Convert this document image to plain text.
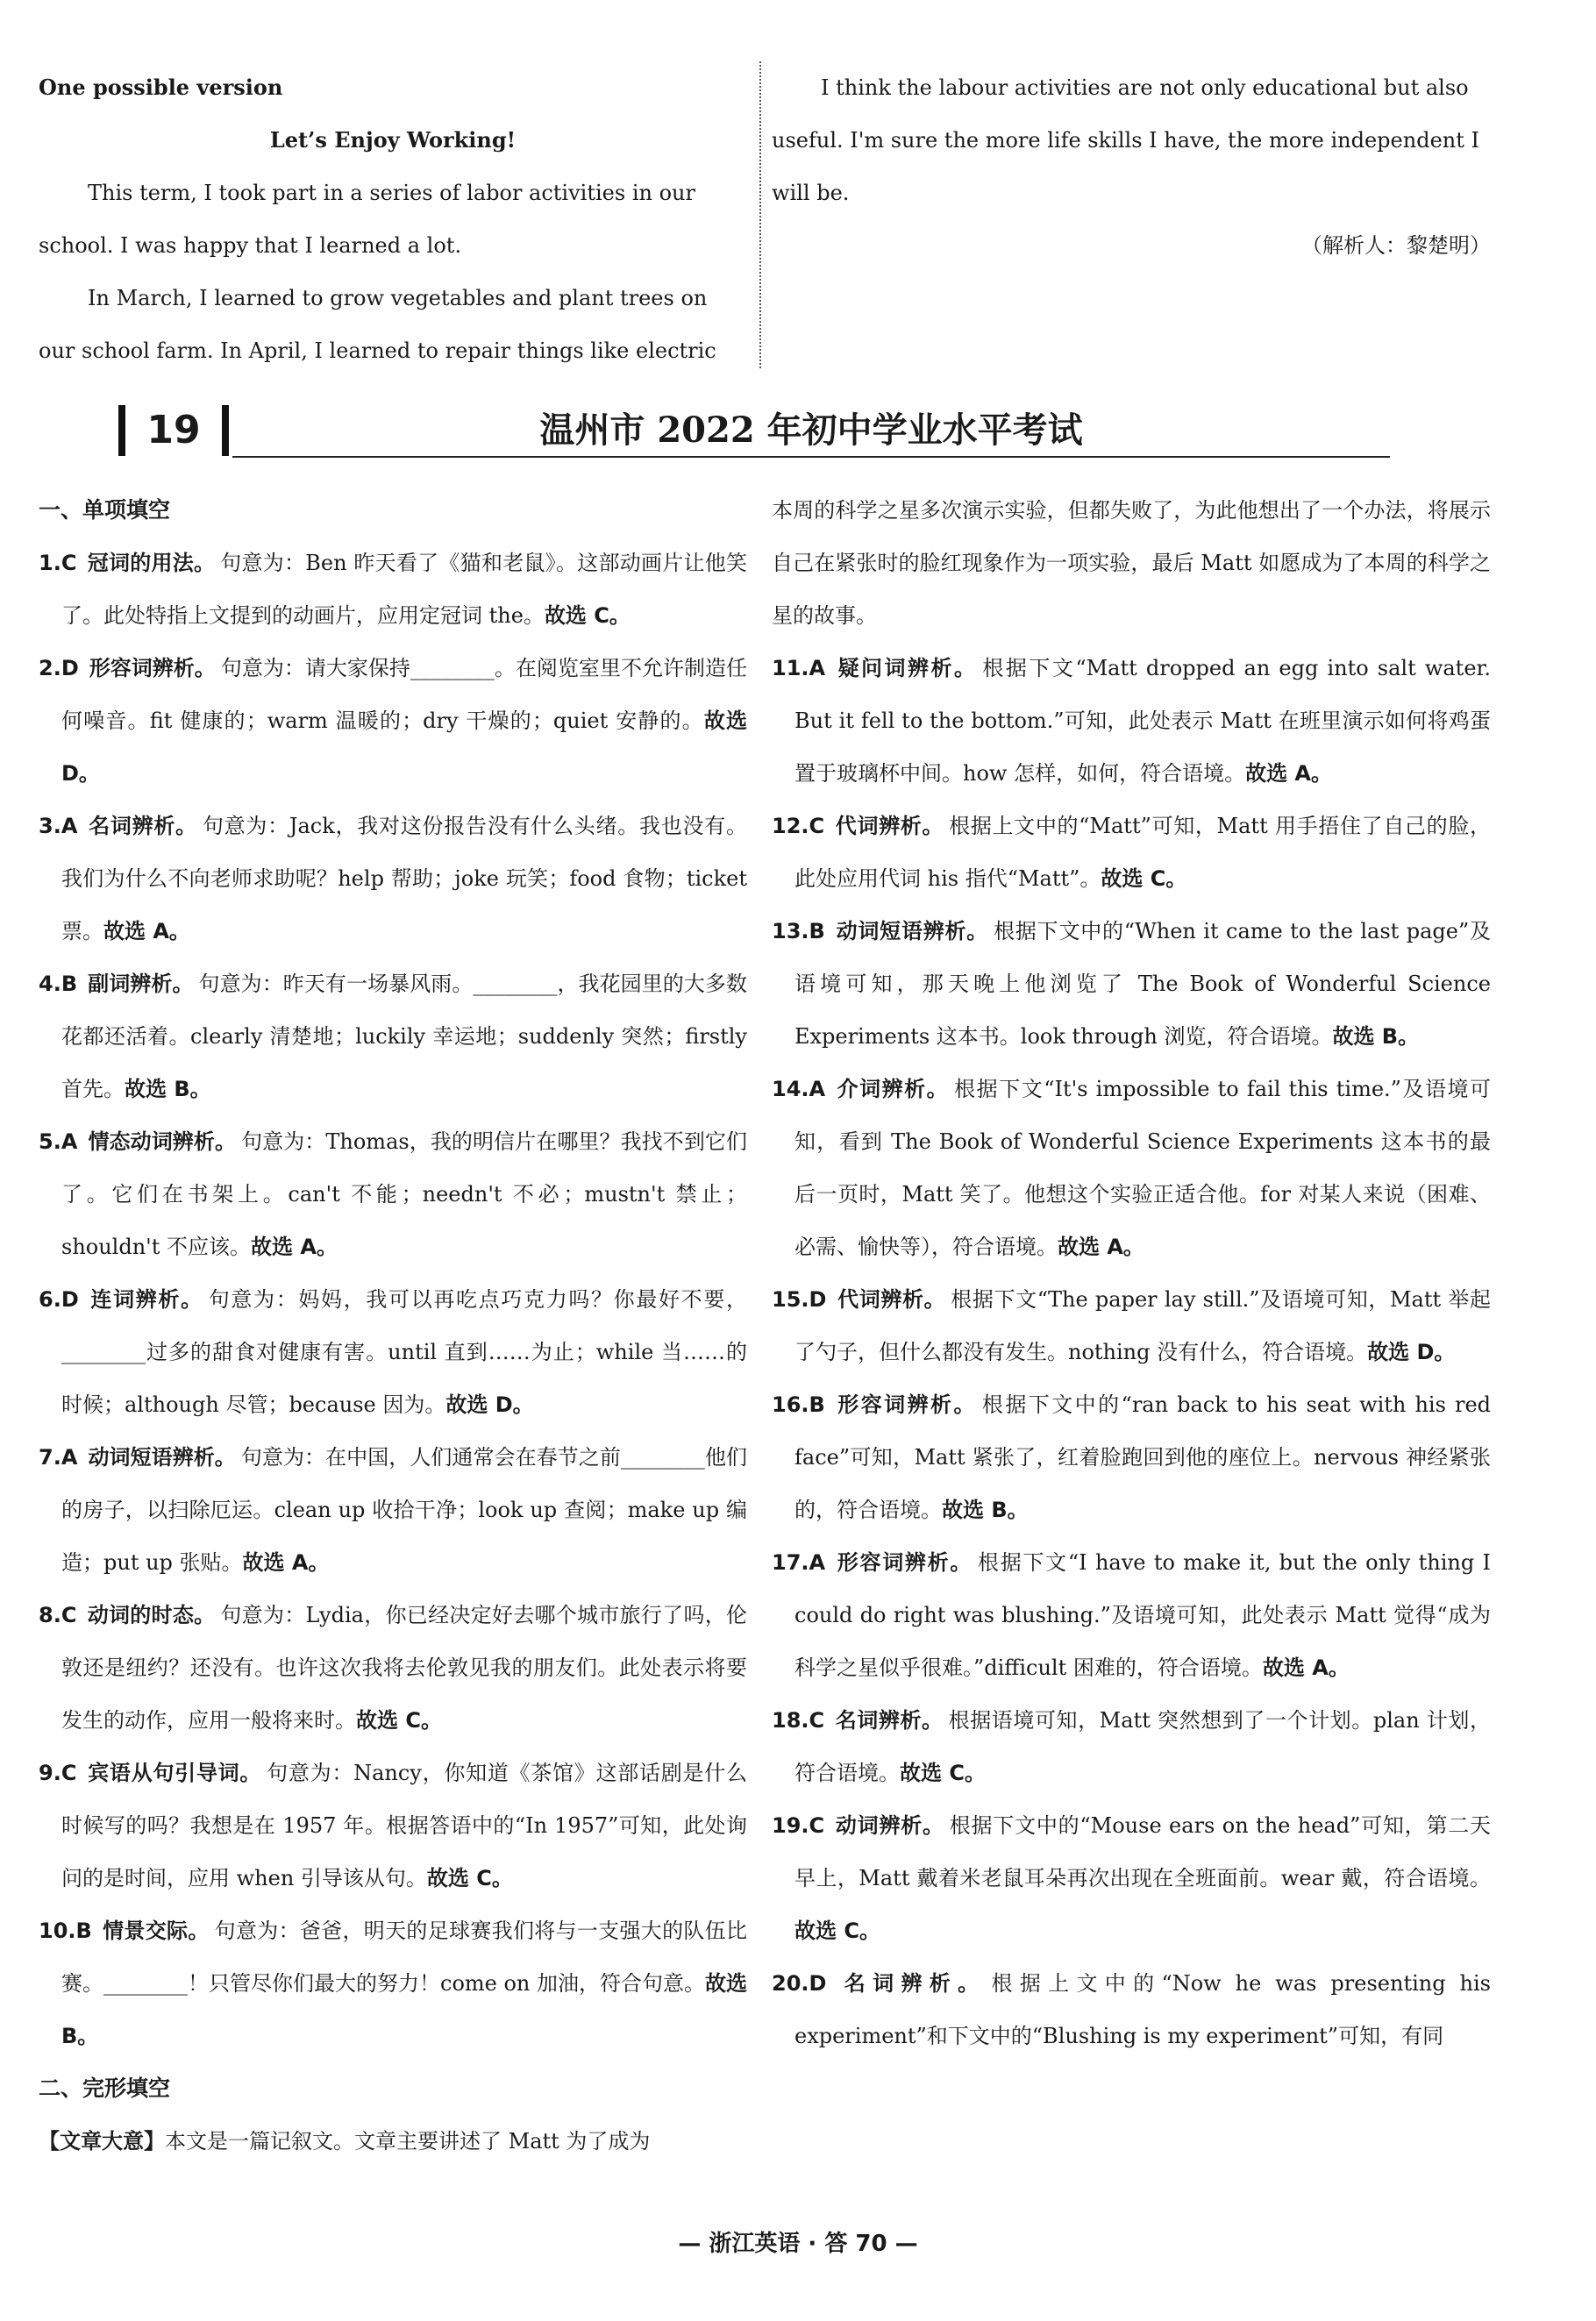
One possible version

Let’s Enjoy Working!

This term, I took part in a series of labor activities in our school. I was happy that I learned a lot.

In March, I learned to grow vegetables and plant trees on our school farm. In April, I learned to repair things like electric

I think the labour activities are not only educational but also useful. I'm sure the more life skills I have, the more independent I will be.

（解析人：黎楚明）

19	温州市 2022 年初中学业水平考试

一、单项填空

1.C 冠词的用法。 句意为：Ben 昨天看了《猫和老鼠》。这部动画片让他笑了。此处特指上文提到的动画片，应用定冠词 the。故选 C。

2.D 形容词辨析。 句意为：请大家保持________。在阅览室里不允许制造任何噪音。fit 健康的；warm 温暖的；dry 干燥的；quiet 安静的。故选 D。

3.A 名词辨析。 句意为：Jack，我对这份报告没有什么头绪。我也没有。我们为什么不向老师求助呢？help 帮助；joke 玩笑；food 食物；ticket 票。故选 A。

4.B 副词辨析。 句意为：昨天有一场暴风雨。________，我花园里的大多数花都还活着。clearly 清楚地；luckily 幸运地；suddenly 突然；firstly 首先。故选 B。

5.A 情态动词辨析。 句意为：Thomas，我的明信片在哪里？我找不到它们了。它们在书架上。can't 不能；needn't 不必；mustn't 禁止；shouldn't 不应该。故选 A。

6.D 连词辨析。 句意为：妈妈，我可以再吃点巧克力吗？你最好不要，________过多的甜食对健康有害。until 直到……为止；while 当……的时候；although 尽管；because 因为。故选 D。

7.A 动词短语辨析。 句意为：在中国，人们通常会在春节之前________他们的房子，以扫除厄运。clean up 收拾干净；look up 查阅；make up 编造；put up 张贴。故选 A。

8.C 动词的时态。 句意为：Lydia，你已经决定好去哪个城市旅行了吗，伦敦还是纽约？还没有。也许这次我将去伦敦见我的朋友们。此处表示将要发生的动作，应用一般将来时。故选 C。

9.C 宾语从句引导词。 句意为：Nancy，你知道《茶馆》这部话剧是什么时候写的吗？我想是在 1957 年。根据答语中的“In 1957”可知，此处询问的是时间，应用 when 引导该从句。故选 C。

10.B 情景交际。 句意为：爸爸，明天的足球赛我们将与一支强大的队伍比赛。________！只管尽你们最大的努力！come on 加油，符合句意。故选 B。

二、完形填空

【文章大意】本文是一篇记叙文。文章主要讲述了 Matt 为了成为

本周的科学之星多次演示实验，但都失败了，为此他想出了一个办法，将展示自己在紧张时的脸红现象作为一项实验，最后 Matt 如愿成为了本周的科学之星的故事。

11.A 疑问词辨析。 根据下文“Matt dropped an egg into salt water. But it fell to the bottom.”可知，此处表示 Matt 在班里演示如何将鸡蛋置于玻璃杯中间。how 怎样，如何，符合语境。故选 A。

12.C 代词辨析。 根据上文中的“Matt”可知，Matt 用手捂住了自己的脸，此处应用代词 his 指代“Matt”。故选 C。

13.B 动词短语辨析。 根据下文中的“When it came to the last page”及语境可知，那天晚上他浏览了 The Book of Wonderful Science Experiments 这本书。look through 浏览，符合语境。故选 B。

14.A 介词辨析。 根据下文“It's impossible to fail this time.”及语境可知，看到 The Book of Wonderful Science Experiments 这本书的最后一页时，Matt 笑了。他想这个实验正适合他。for 对某人来说（困难、必需、愉快等），符合语境。故选 A。

15.D 代词辨析。 根据下文“The paper lay still.”及语境可知，Matt 举起了勺子，但什么都没有发生。nothing 没有什么，符合语境。故选 D。

16.B 形容词辨析。 根据下文中的“ran back to his seat with his red face”可知，Matt 紧张了，红着脸跑回到他的座位上。nervous 神经紧张的，符合语境。故选 B。

17.A 形容词辨析。 根据下文“I have to make it, but the only thing I could do right was blushing.”及语境可知，此处表示 Matt 觉得“成为科学之星似乎很难。”difficult 困难的，符合语境。故选 A。

18.C 名词辨析。 根据语境可知，Matt 突然想到了一个计划。plan 计划，符合语境。故选 C。

19.C 动词辨析。 根据下文中的“Mouse ears on the head”可知，第二天早上，Matt 戴着米老鼠耳朵再次出现在全班面前。wear 戴，符合语境。故选 C。

20.D 名词辨析。 根据上文中的“Now he was presenting his experiment”和下文中的“Blushing is my experiment”可知，有同

— 浙江英语 · 答 70 —
